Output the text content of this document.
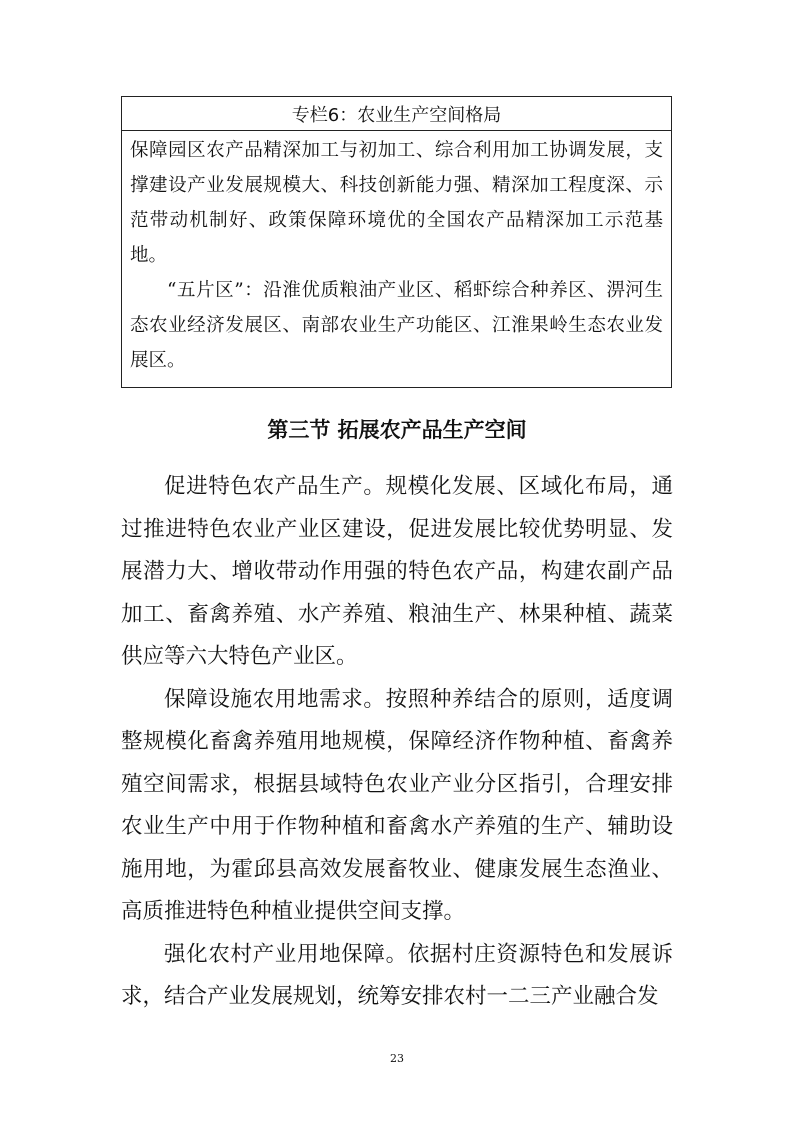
专栏6：农业生产空间格局

保障园区农产品精深加工与初加工、综合利用加工协调发展，支撑建设产业发展规模大、科技创新能力强、精深加工程度深、示范带动机制好、政策保障环境优的全国农产品精深加工示范基地。

“五片区”：沿淮优质粮油产业区、稻虾综合种养区、淠河生态农业经济发展区、南部农业生产功能区、江淮果岭生态农业发展区。

第三节 拓展农产品生产空间

促进特色农产品生产。规模化发展、区域化布局，通过推进特色农业产业区建设，促进发展比较优势明显、发展潜力大、增收带动作用强的特色农产品，构建农副产品加工、畜禽养殖、水产养殖、粮油生产、林果种植、蔬菜供应等六大特色产业区。

保障设施农用地需求。按照种养结合的原则，适度调整规模化畜禽养殖用地规模，保障经济作物种植、畜禽养殖空间需求，根据县域特色农业产业分区指引，合理安排农业生产中用于作物种植和畜禽水产养殖的生产、辅助设施用地，为霍邱县高效发展畜牧业、健康发展生态渔业、高质推进特色种植业提供空间支撑。

强化农村产业用地保障。依据村庄资源特色和发展诉求，结合产业发展规划，统筹安排农村一二三产业融合发

23
